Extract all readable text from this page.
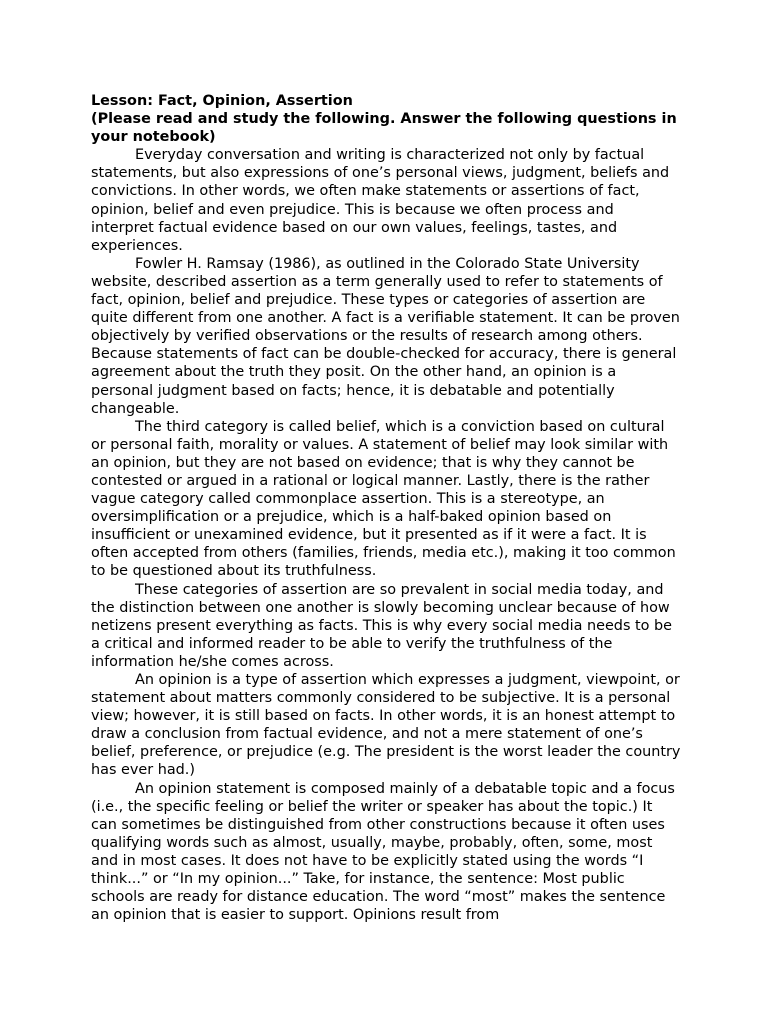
Lesson: Fact, Opinion, Assertion

(Please read and study the following. Answer the following questions in your notebook)

Everyday conversation and writing is characterized not only by factual statements, but also expressions of one’s personal views, judgment, beliefs and convictions. In other words, we often make statements or assertions of fact, opinion, belief and even prejudice. This is because we often process and interpret factual evidence based on our own values, feelings, tastes, and experiences.

Fowler H. Ramsay (1986), as outlined in the Colorado State University website, described assertion as a term generally used to refer to statements of fact, opinion, belief and prejudice. These types or categories of assertion are quite different from one another. A fact is a verifiable statement. It can be proven objectively by verified observations or the results of research among others. Because statements of fact can be double-checked for accuracy, there is general agreement about the truth they posit. On the other hand, an opinion is a personal judgment based on facts; hence, it is debatable and potentially changeable.

The third category is called belief, which is a conviction based on cultural or personal faith, morality or values. A statement of belief may look similar with an opinion, but they are not based on evidence; that is why they cannot be contested or argued in a rational or logical manner. Lastly, there is the rather vague category called commonplace assertion. This is a stereotype, an oversimplification or a prejudice, which is a half-baked opinion based on insufficient or unexamined evidence, but it presented as if it were a fact. It is often accepted from others (families, friends, media etc.), making it too common to be questioned about its truthfulness.

These categories of assertion are so prevalent in social media today, and the distinction between one another is slowly becoming unclear because of how netizens present everything as facts. This is why every social media needs to be a critical and informed reader to be able to verify the truthfulness of the information he/she comes across.

An opinion is a type of assertion which expresses a judgment, viewpoint, or statement about matters commonly considered to be subjective. It is a personal view; however, it is still based on facts. In other words, it is an honest attempt to draw a conclusion from factual evidence, and not a mere statement of one’s belief, preference, or prejudice (e.g. The president is the worst leader the country has ever had.)

An opinion statement is composed mainly of a debatable topic and a focus (i.e., the specific feeling or belief the writer or speaker has about the topic.) It can sometimes be distinguished from other constructions because it often uses qualifying words such as almost, usually, maybe, probably, often, some, most and in most cases. It does not have to be explicitly stated using the words “I think...” or “In my opinion...” Take, for instance, the sentence: Most public schools are ready for distance education. The word “most” makes the sentence an opinion that is easier to support. Opinions result from
